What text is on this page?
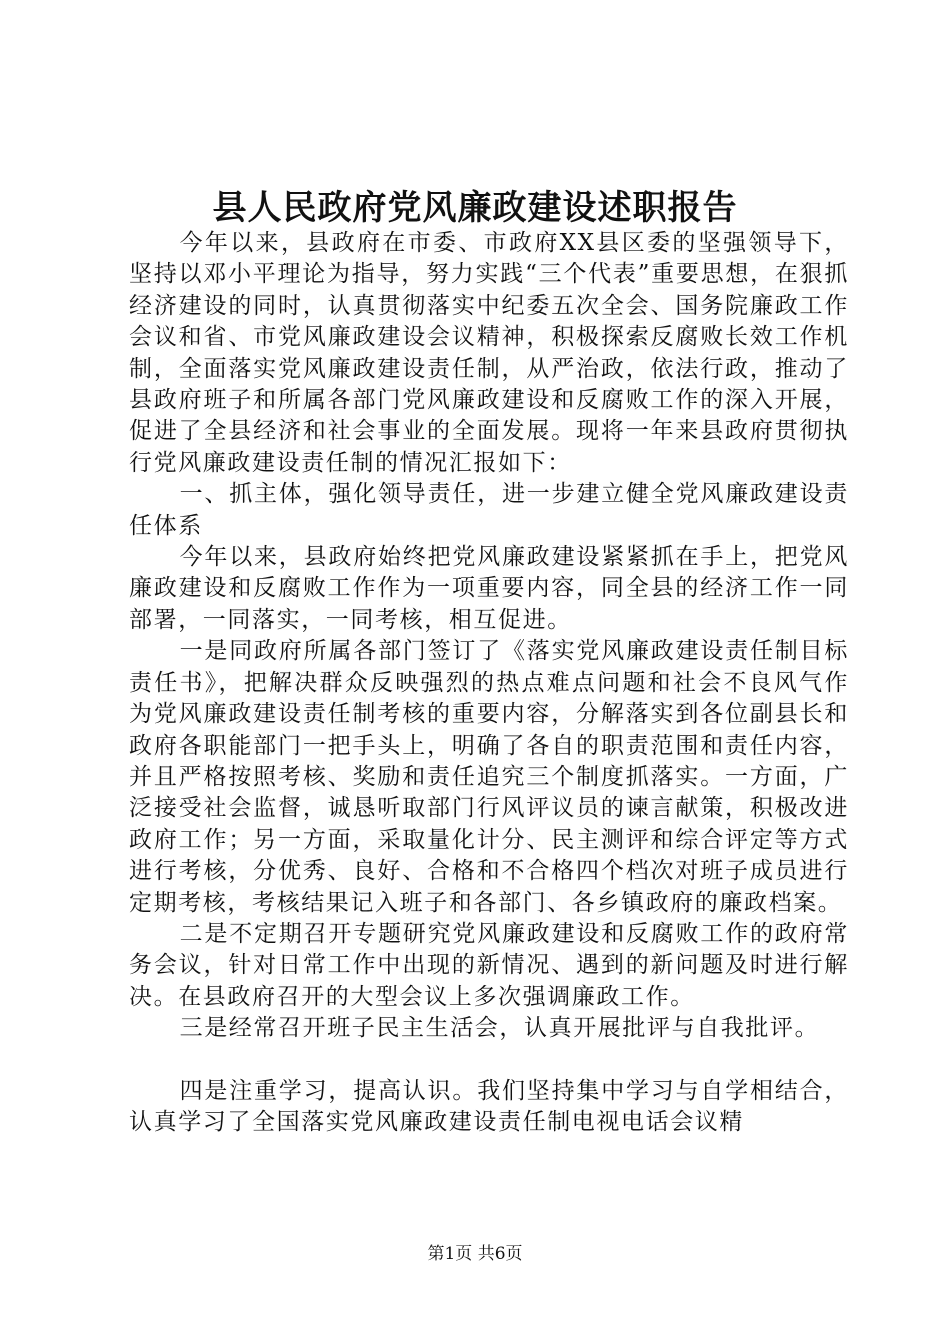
县人民政府党风廉政建设述职报告

今年以来，县政府在市委、市政府XX县区委的坚强领导下，坚持以邓小平理论为指导，努力实践“三个代表”重要思想，在狠抓经济建设的同时，认真贯彻落实中纪委五次全会、国务院廉政工作会议和省、市党风廉政建设会议精神，积极探索反腐败长效工作机制，全面落实党风廉政建设责任制，从严治政，依法行政，推动了县政府班子和所属各部门党风廉政建设和反腐败工作的深入开展，促进了全县经济和社会事业的全面发展。现将一年来县政府贯彻执行党风廉政建设责任制的情况汇报如下：

一、抓主体，强化领导责任，进一步建立健全党风廉政建设责任体系

今年以来，县政府始终把党风廉政建设紧紧抓在手上，把党风廉政建设和反腐败工作作为一项重要内容，同全县的经济工作一同部署，一同落实，一同考核，相互促进。

一是同政府所属各部门签订了《落实党风廉政建设责任制目标责任书》，把解决群众反映强烈的热点难点问题和社会不良风气作为党风廉政建设责任制考核的重要内容，分解落实到各位副县长和政府各职能部门一把手头上，明确了各自的职责范围和责任内容，并且严格按照考核、奖励和责任追究三个制度抓落实。一方面，广泛接受社会监督，诚恳听取部门行风评议员的谏言献策，积极改进政府工作；另一方面，采取量化计分、民主测评和综合评定等方式进行考核，分优秀、良好、合格和不合格四个档次对班子成员进行定期考核，考核结果记入班子和各部门、各乡镇政府的廉政档案。

二是不定期召开专题研究党风廉政建设和反腐败工作的政府常务会议，针对日常工作中出现的新情况、遇到的新问题及时进行解决。在县政府召开的大型会议上多次强调廉政工作。

三是经常召开班子民主生活会，认真开展批评与自我批评。

四是注重学习，提高认识。我们坚持集中学习与自学相结合，认真学习了全国落实党风廉政建设责任制电视电话会议精

第1页 共6页
